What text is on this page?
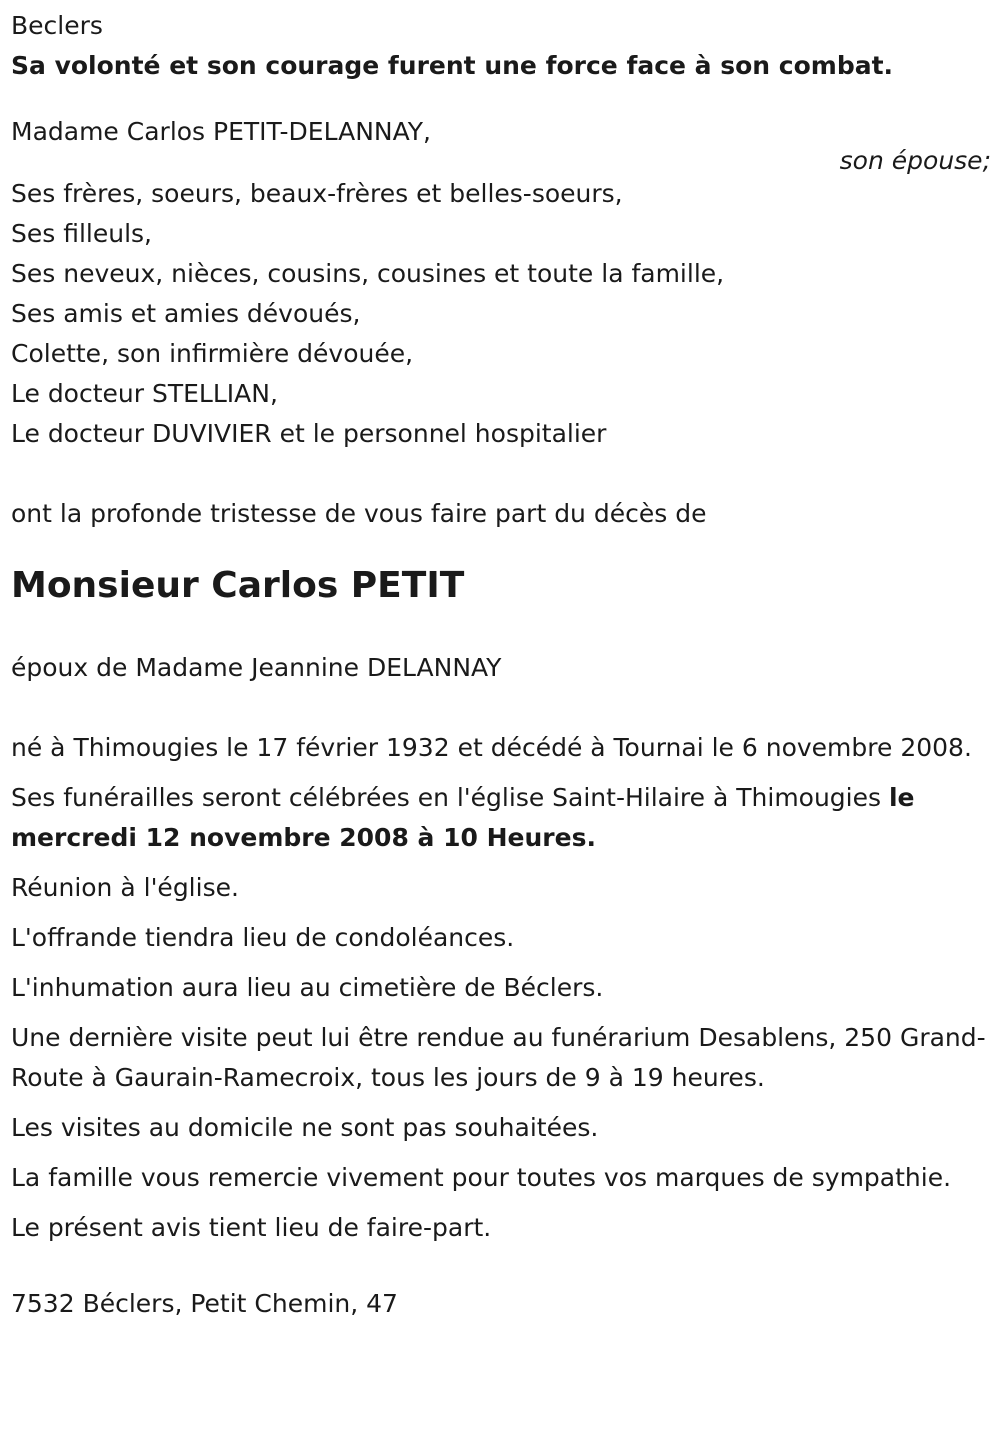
Beclers
Sa volonté et son courage furent une force face à son combat.
Madame Carlos PETIT-DELANNAY,
son épouse;
Ses frères, soeurs, beaux-frères et belles-soeurs,
Ses filleuls,
Ses neveux, nièces, cousins, cousines et toute la famille,
Ses amis et amies dévoués,
Colette, son infirmière dévouée,
Le docteur STELLIAN,
Le docteur DUVIVIER et le personnel hospitalier
ont la profonde tristesse de vous faire part du décès de
Monsieur Carlos PETIT
époux de Madame Jeannine DELANNAY
né à Thimougies le 17 février 1932 et décédé à Tournai le 6 novembre 2008.
Ses funérailles seront célébrées en l'église Saint-Hilaire à Thimougies le mercredi 12 novembre 2008 à 10 Heures.
Réunion à l'église.
L'offrande tiendra lieu de condoléances.
L'inhumation aura lieu au cimetière de Béclers.
Une dernière visite peut lui être rendue au funérarium Desablens, 250 Grand-Route à Gaurain-Ramecroix, tous les jours de 9 à 19 heures.
Les visites au domicile ne sont pas souhaitées.
La famille vous remercie vivement pour toutes vos marques de sympathie.
Le présent avis tient lieu de faire-part.
7532 Béclers, Petit Chemin, 47
